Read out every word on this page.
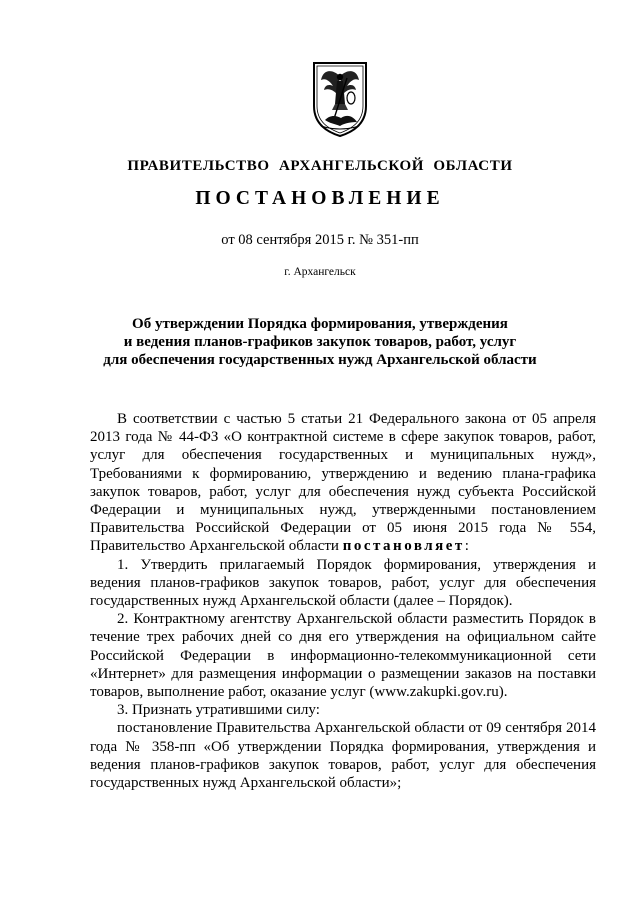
ПРАВИТЕЛЬСТВО АРХАНГЕЛЬСКОЙ ОБЛАСТИ
ПОСТАНОВЛЕНИЕ
от 08 сентября 2015 г. № 351-пп
г. Архангельск
Об утверждении Порядка формирования, утверждения
и ведения планов-графиков закупок товаров, работ, услуг
для обеспечения государственных нужд Архангельской области

В соответствии с частью 5 статьи 21 Федерального закона от 05 апреля 2013 года № 44-ФЗ «О контрактной системе в сфере закупок товаров, работ, услуг для обеспечения государственных и муниципальных нужд», Требованиями к формированию, утверждению и ведению плана-графика закупок товаров, работ, услуг для обеспечения нужд субъекта Российской Федерации и муниципальных нужд, утвержденными постановлением Правительства Российской Федерации от 05 июня 2015 года № 554, Правительство Архангельской области постановляет:

1. Утвердить прилагаемый Порядок формирования, утверждения и ведения планов-графиков закупок товаров, работ, услуг для обеспечения государственных нужд Архангельской области (далее – Порядок).

2. Контрактному агентству Архангельской области разместить Порядок в течение трех рабочих дней со дня его утверждения на официальном сайте Российской Федерации в информационно-телекоммуникационной сети «Интернет» для размещения информации о размещении заказов на поставки товаров, выполнение работ, оказание услуг (www.zakupki.gov.ru).

3. Признать утратившими силу:

постановление Правительства Архангельской области от 09 сентября 2014 года № 358-пп «Об утверждении Порядка формирования, утверждения и ведения планов-графиков закупок товаров, работ, услуг для обеспечения государственных нужд Архангельской области»;
